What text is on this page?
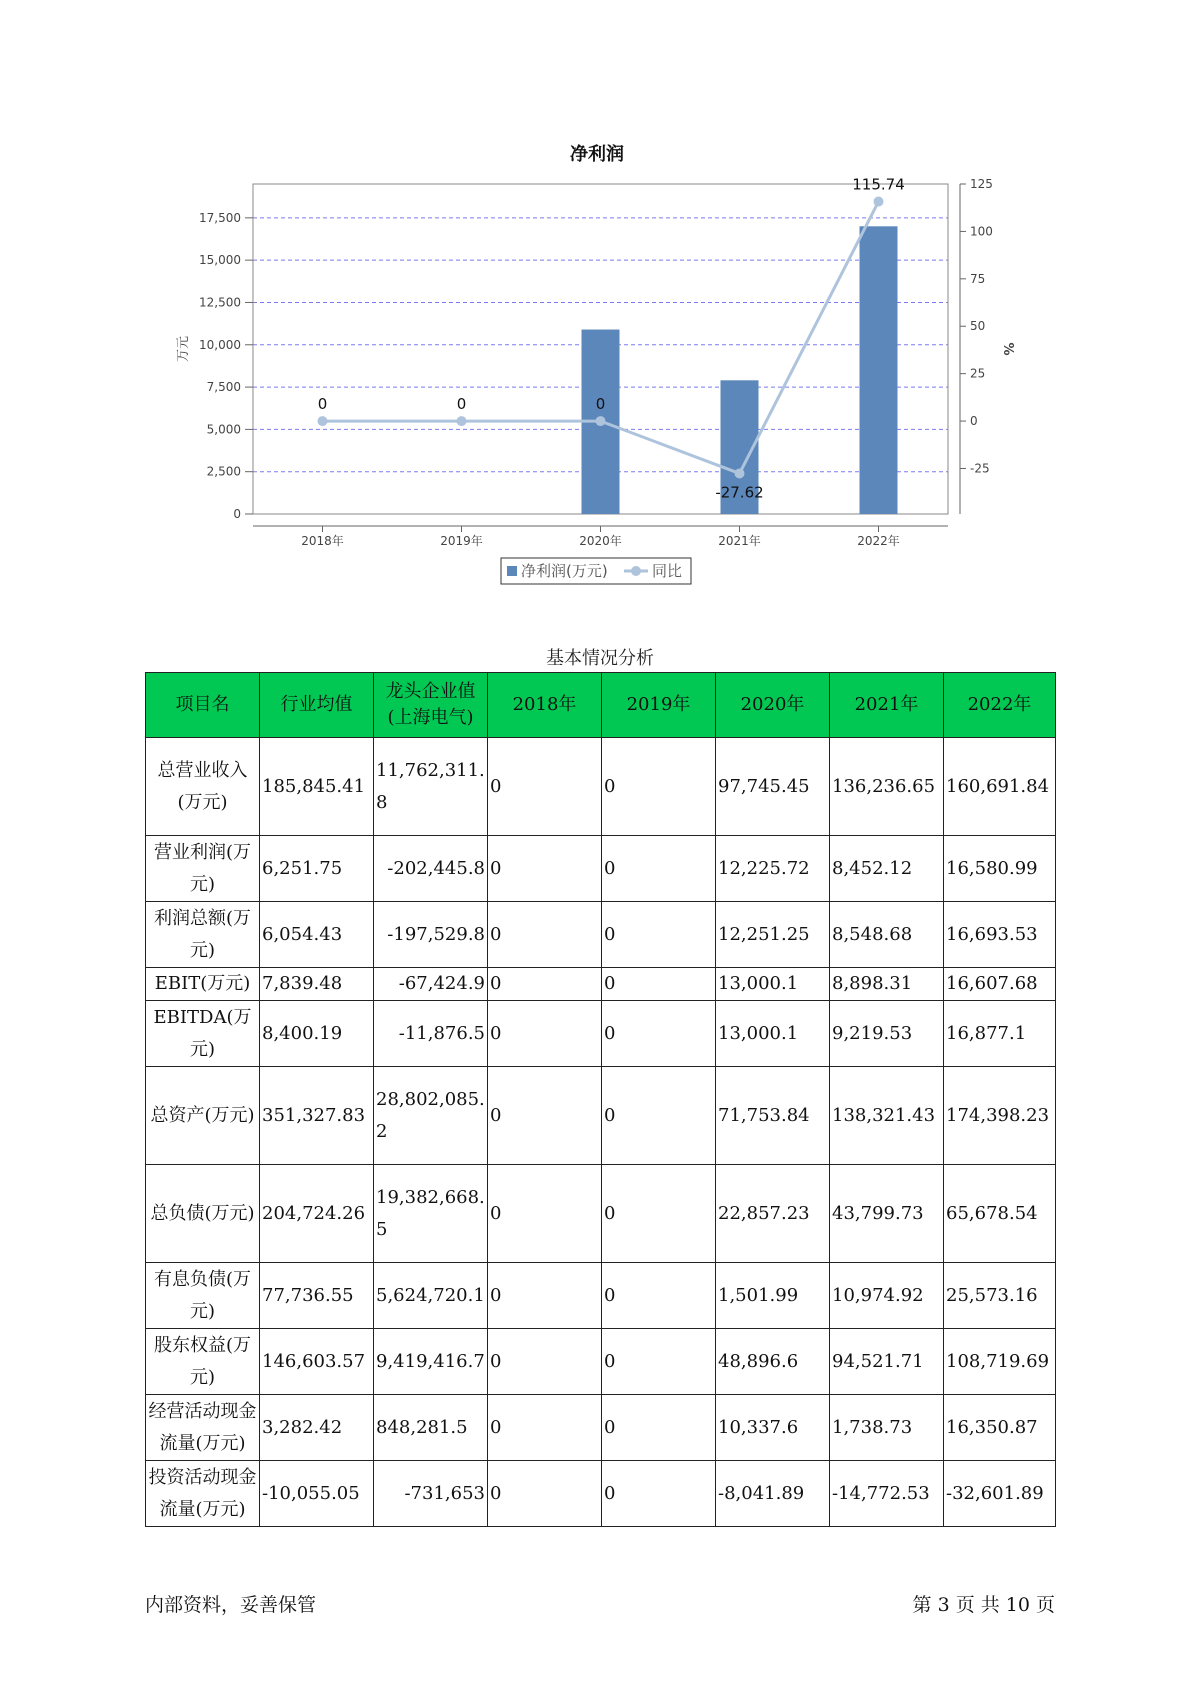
净利润
0	0	0
-27.62
115.74
0
2,500
5,000
7,500
10,000
12,500
15,000
17,500
-25
0
25
50
75
100
125
2018年	2019年	2020年	2021年	2022年
万元	%
净利润(万元)	同比
基本情况分析
项目名	行业均值	龙头企业值(上海电气)	2018年	2019年	2020年	2021年	2022年
总营业收入(万元)	185,845.41	11,762,311.8	0	0	97,745.45	136,236.65	160,691.84
营业利润(万元)	6,251.75	-202,445.8	0	0	12,225.72	8,452.12	16,580.99
利润总额(万元)	6,054.43	-197,529.8	0	0	12,251.25	8,548.68	16,693.53
EBIT(万元)	7,839.48	-67,424.9	0	0	13,000.1	8,898.31	16,607.68
EBITDA(万元)	8,400.19	-11,876.5	0	0	13,000.1	9,219.53	16,877.1
总资产(万元)	351,327.83	28,802,085.2	0	0	71,753.84	138,321.43	174,398.23
总负债(万元)	204,724.26	19,382,668.5	0	0	22,857.23	43,799.73	65,678.54
有息负债(万元)	77,736.55	5,624,720.1	0	0	1,501.99	10,974.92	25,573.16
股东权益(万元)	146,603.57	9,419,416.7	0	0	48,896.6	94,521.71	108,719.69
经营活动现金流量(万元)	3,282.42	848,281.5	0	0	10,337.6	1,738.73	16,350.87
投资活动现金流量(万元)	-10,055.05	-731,653	0	0	-8,041.89	-14,772.53	-32,601.89
内部资料，妥善保管	第 3 页 共 10 页
